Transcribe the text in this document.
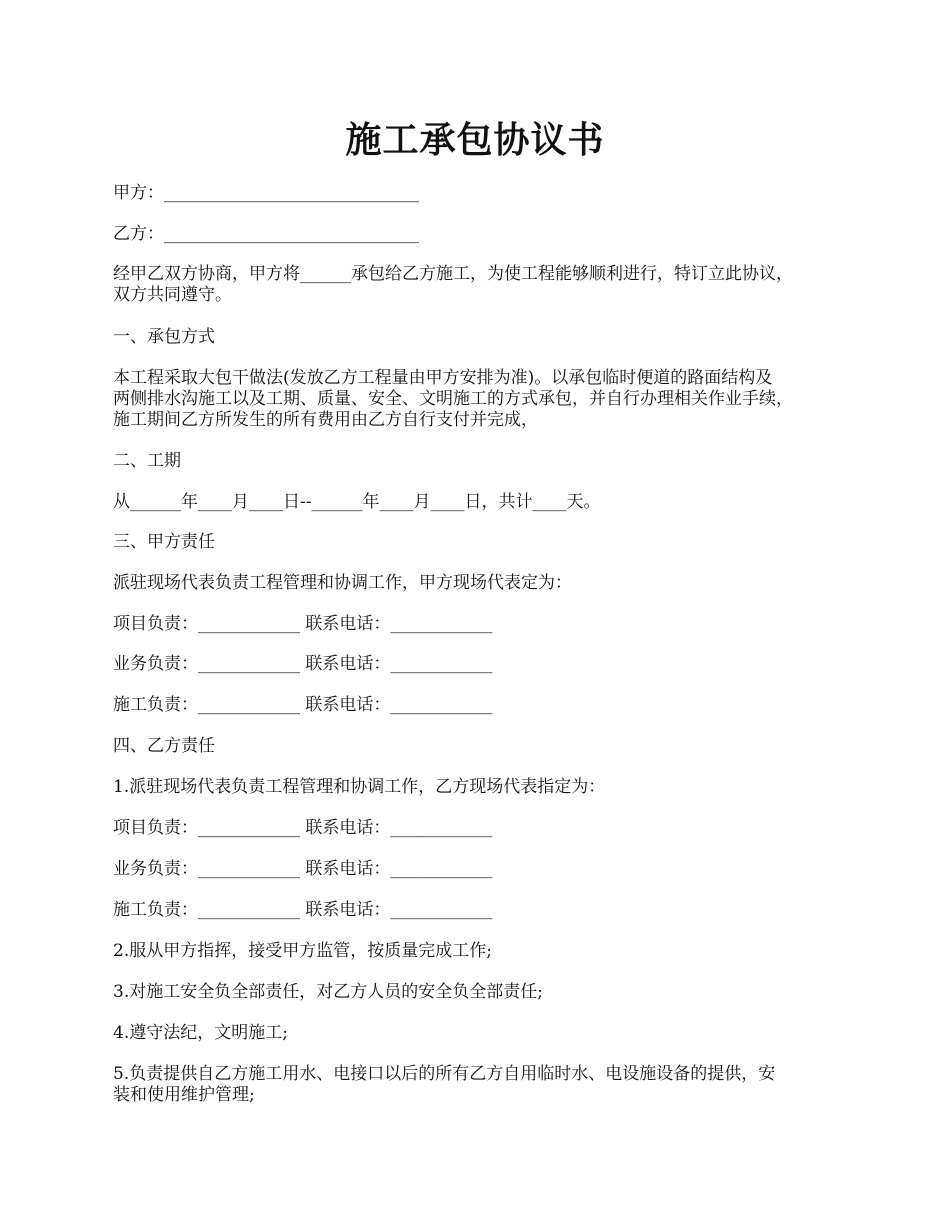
施工承包协议书
甲方：______________________________
乙方：______________________________
经甲乙双方协商，甲方将______承包给乙方施工，为使工程能够顺利进行，特订立此协议，
双方共同遵守。
一、承包方式
本工程采取大包干做法(发放乙方工程量由甲方安排为准)。以承包临时便道的路面结构及
两侧排水沟施工以及工期、质量、安全、文明施工的方式承包，并自行办理相关作业手续，
施工期间乙方所发生的所有费用由乙方自行支付并完成，
二、工期
从______年____月____日--______年____月____日，共计____天。
三、甲方责任
派驻现场代表负责工程管理和协调工作，甲方现场代表定为：
项目负责：____________ 联系电话：____________
业务负责：____________ 联系电话：____________
施工负责：____________ 联系电话：____________
四、乙方责任
1.派驻现场代表负责工程管理和协调工作，乙方现场代表指定为：
项目负责：____________ 联系电话：____________
业务负责：____________ 联系电话：____________
施工负责：____________ 联系电话：____________
2.服从甲方指挥，接受甲方监管，按质量完成工作;
3.对施工安全负全部责任，对乙方人员的安全负全部责任;
4.遵守法纪，文明施工;
5.负责提供自乙方施工用水、电接口以后的所有乙方自用临时水、电设施设备的提供，安
装和使用维护管理;
